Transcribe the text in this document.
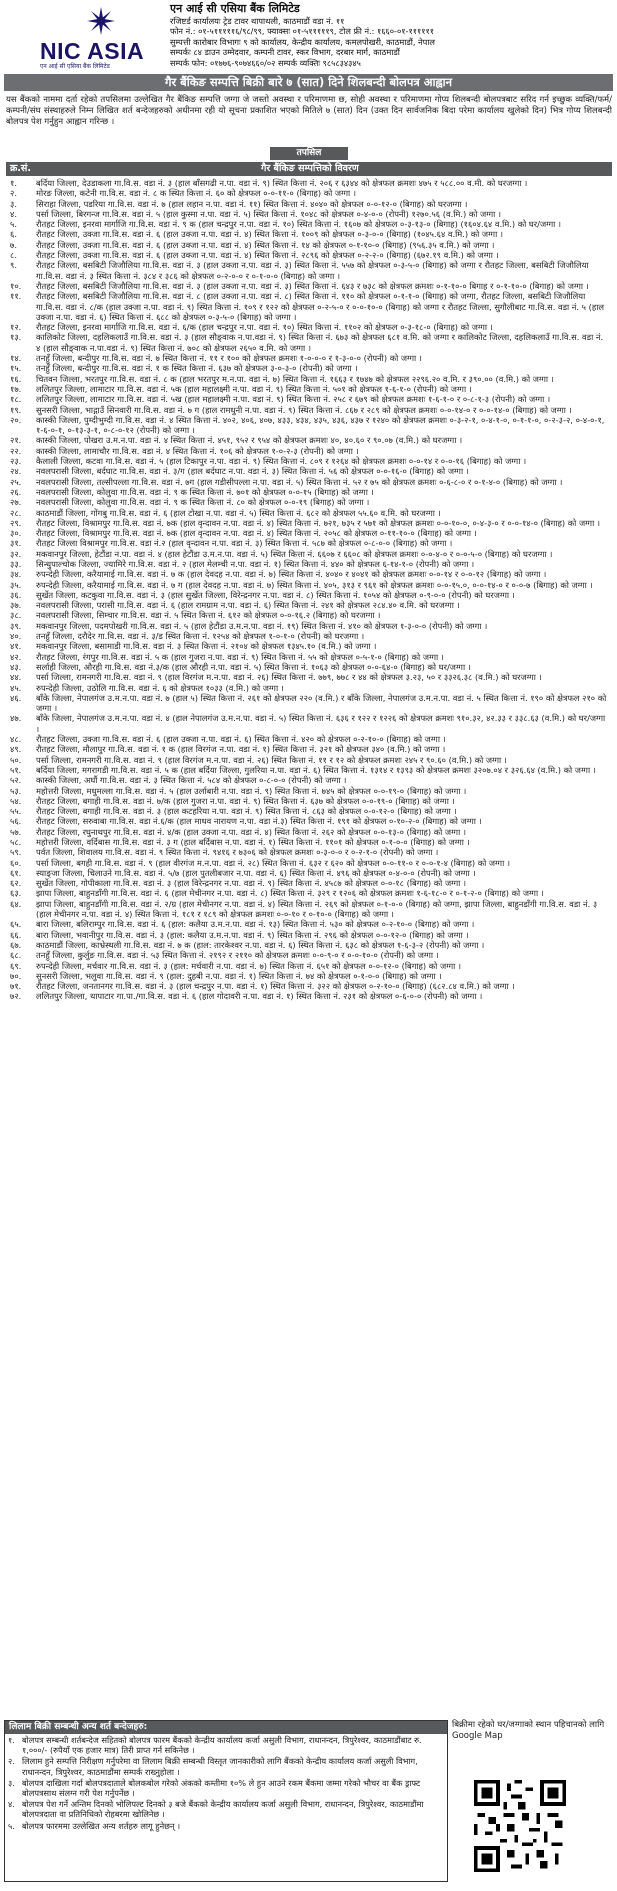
NIC ASIA
एन आई सी एसिया बैंक लिमिटेड
एन आई सी एसिया बैंक लिमिटेड
रजिष्टर्ड कार्यालयः ट्रेड टावर थापाथली, काठमाडौं वडा नं. ११
फोन नं.: ०१-५१११११६/९८/९९, फ्याक्सः ०१-५१११११९, टोल फ्री नं.: १६६०-०१-११११११
सुम्पत्ती कारोबार विभागः ९ को कार्यालय, केन्द्रीय कार्यालय, कमलपोखरी, काठमाडौं, नेपाल
सम्पर्कः ८४ डाउन उम्मेदवार, कम्पनी टावर, स्कर विभाग, दरबार मार्ग, काठमाडौं
सम्पर्क फोन: ०१७७६-९०७४६६०/०२ सम्पर्क व्यक्तिः ९८५८३४३४५
गैर बैंकिङ सम्पत्ति बिक्री बारे ७ (सात) दिने शिलबन्दी बोलपत्र आह्वान
यस बैंकको नाममा दर्ता रहेको तपसिलमा उल्लेखित गैर बैंकिङ सम्पत्ति जग्गा जे जस्तो अवस्था र परिमाणमा छ, सोही अवस्था र परिमाणमा गोप्य शिलबन्दी बोलपत्रबाट सरिद गर्न इच्छुक व्यक्ति/फर्म/कम्पनी/संघ संस्थाहरुले निम्न लिखित शर्त बन्देजहरुको अधीनमा रही यो सूचना प्रकाशित भएको मितिले ७ (सात) दिन (उक्त दिन सार्वजनिक बिदा परेमा कार्यालय खुलेको दिन) भित्र गोप्य शिलबन्दी बोलपत्र पेश गर्नुहुन आह्वान गरिन्छ ।
तपसिल
क्र.सं.	गैर बैंकिङ सम्पत्तिको विवरण
१.	बर्दिया जिल्ला, देउडाकला गा.वि.स. वडा नं. ३ (हाल बाँसगढी न.पा. वडा नं. ९) स्थित कित्ता नं. २०६ र ६३४४ को क्षेत्रफल क्रमशः ४७५ र ५८८.०० व.मी. को घरजग्गा ।
२.	मोरङ जिल्ला, कटेनी गा.वि.स. वडा नं. ८ क स्थित कित्ता नं. ६० को क्षेत्रफल ०-०-११-० (बिगाह) को जग्गा ।
३.	सिराहा जिल्ला, पडरिया गा.वि.स. वडा नं. ७ (हाल लहान न.पा. वडा नं. ११) स्थित कित्ता नं. ४०४० को क्षेत्रफल ०-०-१२-० (बिगाह) को घरजग्गा ।
४.	पर्सा जिल्ला, बिरगन्ज गा.वि.स. वडा नं. ५ (हाल कुस्मा न.पा. वडा नं. ५) स्थित कित्ता नं. १०४८ को क्षेत्रफल ०-४-०-० (रोपनी) १२७०.५६ (व.मि.) को जग्गा ।
५.	रौतहट जिल्ला, इनरवा मार्गाजि गा.वि.स. वडा नं. ९ क (हाल चन्द्रपुर न.पा. वडा नं. १०) स्थित कित्ता नं. १६०७ को क्षेत्रफल ०-३-१३-० (बिगाह) (१६०४.६४ व.मि.) को घर/जग्गा ।
६.	रौतहट जिल्ला, उक्जा गा.वि.स. वडा नं. ६ (हाल उक्जा न.पा. वडा नं. ४) स्थित कित्ता नं. १००९ को क्षेत्रफल ०-३-०-० (बिगाह) (१०४५.६४ व.मि.) को जग्गा ।
७.	रौतहट जिल्ला, उक्जा गा.वि.स. वडा नं. ६ (हाल उक्जा न.पा. वडा नं. ४) स्थित कित्ता नं. १४ को क्षेत्रफल ०-१-१०-० (बिगाह) (९५६.३५ व.मि.) को जग्गा ।
८.	रौतहट जिल्ला, उक्जा गा.वि.स. वडा नं. ६ (हाल उक्जा न.पा. वडा नं. ४) स्थित कित्ता नं. २८९६ को क्षेत्रफल ०-२-२-० (बिगाह) (६७२.१९ व.मि.) को जग्गा ।
९.	रौतहट जिल्ला, बसबिटी जिजौलिया गा.वि.स. वडा नं. ३ (हाल उक्जा न.पा. वडा नं. ३) स्थित कित्ता नं. ५५७ को क्षेत्रफल ०-३-५-० (बिगाह) को जग्गा र रौतहट जिल्ला, बसबिटी जिजौलिया गा.वि.स. वडा नं. ३ स्थित कित्ता नं. ३८४ र ३८६ को क्षेत्रफल ०-२-०-० र ०-१-०-० (बिगाह) को जग्गा ।
१०.	रौतहट जिल्ला, बसबिटी जिजौलिया गा.वि.स. वडा नं. ३ (हाल उक्जा न.पा. वडा नं. ३) स्थित कित्ता नं. ६४३ र ७३८ को क्षेत्रफल क्रमशः ०-१-१०-० बिगाह र ०-१-१०-० (बिगाह) को जग्गा ।
११.	रौतहट जिल्ला, बसबिटी जिजौलिया गा.वि.स. वडा नं. ८ (हाल उक्जा न.पा. वडा नं. ८) स्थित कित्ता नं. ११० को क्षेत्रफल ०-१-१-० (बिगाह) को जग्गा, रौतहट जिल्ला, बसबिटी जिजौलिया गा.वि.स. वडा नं. ८/क (हाल उक्जा न.पा. वडा नं. ९) स्थित कित्ता नं. १०९ र १२२ को क्षेत्रफल ०-२-५-० र ०-०-१०-० (बिगाह) को जग्गा र रौतहट जिल्ला, सुगौलीबाट गा.वि.स. वडा नं. ५ (हाल उक्जा न.पा. वडा नं. ६) स्थित कित्ता नं. ६८८ को क्षेत्रफल ०-३-५-० (बिगाह) को जग्गा ।
१२.	रौतहट जिल्ला, इनरवा मार्गाजि गा.वि.स. वडा नं. ६/क (हाल चन्द्रपुर न.पा. वडा नं. १०) स्थित कित्ता नं. ११०२ को क्षेत्रफल ०-३-१८-० (बिगाह) को जग्गा ।
१३.	कालिकोट जिल्ला, दहलिकलाउँ गा.वि.स. वडा नं. ३ (हाल सौङ्वाक न.पा.वडा नं. ९) स्थित कित्ता नं. ६७३ को क्षेत्रफल ६८१ व.मि. को जग्गा र कालिकोट जिल्ला, दहलिकलाउँ गा.वि.स. वडा नं. ४ (हाल सौङ्वाक न.पा.वडा नं. ९) स्थित कित्ता नं. ७०८ को क्षेत्रफल २६५० व.मि. को जग्गा ।
१४.	तनहुँ जिल्ला, बन्दीपुर गा.वि.स. वडा नं. ७ स्थित कित्ता नं. ११ र १०० को क्षेत्रफल क्रमशः १-०-०-० र १-३-०-० (रोपनी) को जग्गा ।
१५.	तनहुँ जिल्ला, बन्दीपुर गा.वि.स. वडा नं. १ क स्थित कित्ता नं. ६३७ को क्षेत्रफल ३-०-३-० (रोपनी) को जग्गा ।
१६.	चितवन जिल्ला, भरतपुर गा.वि.स. वडा नं. ८ क (हाल भरतपुर म.न.पा. वडा नं. ७) स्थित कित्ता नं. १६६३ र १७४७ को क्षेत्रफल २२९६.२० व.मि. र ३९०.०० (व.मि.) को जग्गा ।
१७.	ललितपुर जिल्ला, लामाटार गा.वि.स. वडा नं. ५क (हाल महालक्ष्मी न.पा. वडा नं. ९) स्थित कित्ता नं. ५०१ को क्षेत्रफल १-६-१-० (रोपनी) को जग्गा ।
१८.	ललितपुर जिल्ला, लामाटार गा.वि.स. वडा नं. ५ख (हाल महालक्ष्मी न.पा. वडा नं. ९) स्थित कित्ता नं. २५८ र ६७९ को क्षेत्रफल क्रमशः १-६-१-० र ०-८-१-३ (रोपनी) को जग्गा ।
१९.	सुनसरी जिल्ला, भाद्गाउँ सिनवारी गा.वि.स. वडा नं. ७ ग (हाल रामधुनी न.पा. वडा नं. ९) स्थित कित्ता नं. ८६७ र २८९ को क्षेत्रफल क्रमशः ०-०-१४-० र ०-०-१४-० (बिगाह) को जग्गा ।
२०.	कास्की जिल्ला, पुम्दीभुम्दी गा.वि.स. वडा नं. ४ स्थित कित्ता नं. ४०२, ४०६, ४०७, ४३३, ४३४, ४३५, ४३६, ४३७ र १२४० को क्षेत्रफल क्रमशः ०-३-२-१, ०-४-१-०, ०-१-१-०, ०-२-३-२, ०-४-०-१, १-६-०-१, ०-१३-३-१, ०-८-०-१२ (रोपनी) को जग्गा ।
२१.	कास्की जिल्ला, पोखरा उ.म.न.पा. वडा नं. ४ स्थित कित्ता नं. ४५१, ९५२ र ९५४ को क्षेत्रफल क्रमशः ४०, ४०.६० र ९०.०७ (व.मि.) को घरजग्गा ।
२२.	कास्की जिल्ला, लामाचौर गा.वि.स. वडा नं. ४ स्थित कित्ता नं. १०६ को क्षेत्रफल १-०-२-३ (रोपनी) को जग्गा ।
२३.	कैलाली जिल्ला, कटवा गा.वि.स. वडा नं. ५ (हाल टिकापुर न.पा. वडा नं. ९) स्थित कित्ता नं. ८०९ र १२६४ को क्षेत्रफल क्रमशः ०-०-१४ र ०-०-१६ (बिगाह) को जग्गा ।
२४.	नवलपरासी जिल्ला, बर्दघाट गा.वि.स. वडा नं. ३/ग (हाल बर्दघाट न.पा. वडा नं. ३) स्थित कित्ता नं. ५६ को क्षेत्रफल ०-०-१६-० (बिगाह) को जग्गा ।
२५.	नवलपरासी जिल्ला, तल्सीपल्ला गा.वि.स. वडा नं. ७ग (हाल गडीसीपल्ला न.पा. वडा नं. ५) स्थित कित्ता नं. ५२ र ७५ को क्षेत्रफल क्रमशः ०-६-८-० र ०-१-४-० (बिगाह) को जग्गा ।
२६.	नवलपरासी जिल्ला, कोलुवा गा.वि.स. वडा नं. ९ क स्थित कित्ता नं. ७०१ को क्षेत्रफल ०-०-१५ (बिगाह) को जग्गा ।
२७.	नवलपरासी जिल्ला, कोलुवा गा.वि.स. वडा नं. ९ क स्थित कित्ता नं. ८० को क्षेत्रफल ०-०-१९ (बिगाह) को जग्गा ।
२८.	काठमाडौं जिल्ला, गोंगबु गा.वि.स. वडा नं. ६ (हाल टोखा न.पा. वडा नं. ५) स्थित कित्ता नं. ६८२ को क्षेत्रफल ५५.६० व.मि. को घरजग्गा ।
२९.	रौतहट जिल्ला, विश्रामपुर गा.वि.स. वडा नं. ७क (हाल वृन्दावन न.पा. वडा नं. ४) स्थित कित्ता नं. ७२१, ७३५ र ५७१ को क्षेत्रफल क्रमशः ०-०-१०-०, ०-४-३-० र ०-०-१४-० (बिगाह) को जग्गा ।
३०.	रौतहट जिल्ला, विश्रामपुर गा.वि.स. वडा नं. ७क (हाल वृन्दावन न.पा. वडा नं. ४) स्थित कित्ता नं. २०५८ को क्षेत्रफल ०-११-१०-० (बिगाह) को जग्गा ।
३१.	रौतहट जिल्ला विश्रामपुर गा.वि.स. वडा नं.२ (हाल वृन्दावन न.पा. वडा नं. ३) स्थित कित्ता नं. ५८७ को क्षेत्रफल ०-८-०-० (बिगाह) को जग्गा ।
३२.	मकवानपुर जिल्ला, हेटौंडा न.पा. वडा नं. ४ (हाल हेटौंडा उ.म.न.पा. वडा नं. ५) स्थित कित्ता नं. ६६०७ र ६६०८ को क्षेत्रफल क्रमशः ०-०-४-० र ०-०-५-० (बिगाह) को घरजग्गा ।
३३.	सिन्धुपाल्चोक जिल्ला, ज्यामिरे गा.वि.स. वडा नं. २ (हाल मेलम्ची न.पा. वडा नं. १) स्थित कित्ता नं. ४४० को क्षेत्रफल ६-१४-१-० (रोपनी) को जग्गा ।
३४.	रुपन्देही जिल्ला, करैयामाई गा.वि.स. वडा नं. ७ क (हाल देवदह न.पा. वडा नं. ७) स्थित कित्ता नं. ४०४० र ४०४१ को क्षेत्रफल क्रमशः ०-०-१४ र ०-०-१२ (बिगाह) को जग्गा ।
३५.	रुपन्देही जिल्ला, करैयामाई गा.वि.स. वडा नं. ७ ग (हाल देवदह न.पा. वडा नं. ७) स्थित कित्ता नं. ४०५, ३१३ र ९६१ को क्षेत्रफल क्रमशः ०-०-१५.०, ०-०-१४-० र ०-०-७ (बिगाह) को जग्गा ।
३६.	सुर्खेत जिल्ला, कटकुवा गा.वि.स. वडा नं. ३ (हाल सुर्खेत जिल्ला, विरेन्द्रनगर न.पा. वडा नं. ८) स्थित कित्ता नं. १०५४ को क्षेत्रफल ०-९-०-० (रोपनी) को घरजग्गा ।
३७.	नवलपरासी जिल्ला, परासी गा.वि.स. वडा नं. ६ (हाल रामग्राम न.पा. वडा नं. ६) स्थित कित्ता नं. २४१ को क्षेत्रफल २८४.४० व.मि. को घरजग्गा ।
३८.	नवलपरासी जिल्ला, सिम्चार गा.वि.स. वडा नं. ५ स्थित कित्ता नं. ६१२ को क्षेत्रफल ०-०-१६.२ (बिगाह) को घरजग्गा ।
३९.	मकवानपुर जिल्ला, पदमपोखरी गा.वि.स. वडा नं. ५ (हाल हेटौंडा उ.म.न.पा. वडा नं. १९) स्थित कित्ता नं. ४१० को क्षेत्रफल १-३-०-० (रोपनी) को जग्गा ।
४०.	तनहुँ जिल्ला, दरौदेर गा.वि.स. वडा नं. ३/ड स्थित कित्ता नं. १२५४ को क्षेत्रफल १-०-१-० (रोपनी) को घरजग्गा ।
४१.	मकवानपुर जिल्ला, बसामाडी गा.वि.स. वडा नं. ३ स्थित कित्ता नं. २१०४ को क्षेत्रफल १३४५.१० (व.मि.) को जग्गा ।
४२.	रौतहट जिल्ला, रंगपुर गा.वि.स. वडा नं. ५ क (हाल गुजरा न.पा. वडा नं. ९) स्थित कित्ता नं. ५५ को क्षेत्रफल ०-५-१-० (बिगाह) को जग्गा ।
४३.	सर्लाही जिल्ला, औरही गा.वि.स. वडा नं.३/क (हाल औरही न.पा. वडा नं. ५) स्थित कित्ता नं. १०६३ को क्षेत्रफल ०-०-६४-० (बिगाह) को घर/जग्गा ।
४४.	पर्सा जिल्ला, रामनगरी गा.वि.स. वडा नं. ९ (हाल विरगंज म.न.पा. वडा नं. २६) स्थित कित्ता नं. ७७९, ७७८ र ४४ को क्षेत्रफल ३.२३, ५० र ३३२६.३८ (व.मि.) को घरजग्गा ।
४५.	रुपन्देही जिल्ला, उठोलि गा.वि.स. वडा नं. ६ को क्षेत्रफल १०३३ (व.मि.) को जग्गा ।
४६.	बाँके जिल्ला, नेपालगंज उ.म.न.पा. वडा नं. ७ (हाल ५) स्थित कित्ता नं. २६१ को क्षेत्रफल २२० (व.मि.) र बाँके जिल्ला, नेपालगंज उ.म.न.पा. वडा नं. ५ स्थित कित्ता नं. १९० को क्षेत्रफल २१० को जग्गा ।
४७.	बाँके जिल्ला, नेपालगंज उ.म.न.पा. वडा नं. ४ (हाल नेपालगंज उ.म.न.पा. वडा नं. ५) स्थित कित्ता नं. ६३६ र १२२ र १२२६ को क्षेत्रफल क्रमशः ९१०.३२, ४२.३३ र ३३८.६३ (व.मि.) को घर/जग्गा ।
४८.	रौतहट जिल्ला, उक्जा गा.वि.स. वडा नं. ६ (हाल उक्जा न.पा. वडा नं. ६) स्थित कित्ता नं. ४२० को क्षेत्रफल ०-२-१०-० (बिगाह) को जग्गा ।
४९.	रौतहट जिल्ला, मौलापुर गा.वि.स. वडा नं. १ क (हाल विरगंज न.पा. वडा नं. १) स्थित कित्ता नं. ३२१ को क्षेत्रफल ३४० (व.मि.) को जग्गा ।
५०.	पर्सा जिल्ला, रामनगरी गा.वि.स. वडा नं. ९ (हाल विरगंज म.न.पा. वडा नं. २६) स्थित कित्ता नं. ११ र १२ को क्षेत्रफल क्रमशः २४५ र ९०.६० (व.मि.) को जग्गा ।
५१.	बर्दिया जिल्ला, मगरागडी गा.वि.स. वडा नं. ५ क (हाल बर्दिया जिल्ला, गुलरिया न.पा. वडा नं. ६) स्थित कित्ता नं. १३१४ र १३९३ को क्षेत्रफल क्रमशः ३२०७.०४ र ३२६.६४ (व.मि.) को जग्गा ।
५२.	कास्की जिल्ला, अर्घौ गा.वि.स. वडा नं. ३ स्थित कित्ता नं. ५८४ को क्षेत्रफल ०-८-०-० (रोपनी) को जग्गा ।
५३.	महोत्तरी जिल्ला, मधुमल्ला गा.वि.स. वडा नं. ५ (हाल उर्लाबारी न.पा. वडा नं. ९) स्थित कित्ता नं. ७४५ को क्षेत्रफल ०-०-१९-० (बिगाह) को जग्गा ।
५४.	रौतहट जिल्ला, बगाही गा.वि.स. वडा नं. ७/क (हाल गुजरा न.पा. वडा नं. ९) स्थित कित्ता नं. ६३७ को क्षेत्रफल ०-०-१९-० (बिगाह) को जग्गा ।
५५.	रौतहट जिल्ला, बगाही गा.वि.स. वडा नं. ३ (हाल कटहरिया न.पा. वडा नं. ९) स्थित कित्ता नं. ८६३ को क्षेत्रफल ०-०-१२-० (बिगाह) को जग्गा ।
५६.	रौतहट जिल्ला, सरुवाबा गा.वि.स. वडा नं.६/क (हाल माधव नारायण न.पा. वडा नं.३) स्थित कित्ता नं. १९१ को क्षेत्रफल ०-१०-२-० (बिगाह) को जग्गा ।
५७.	रौतहट जिल्ला, रघुनाथपुर गा.वि.स. वडा नं. ४/क (हाल उक्जा न.पा. वडा नं. ४) स्थित कित्ता नं. २६२ को क्षेत्रफल ०-०-१३-० (बिगाह) को जग्गा ।
५८.	महोत्तरी जिल्ला, वर्दिबास गा.वि.स. वडा नं. ३ ग (हाल बर्दिबास न.पा. वडा नं. १) स्थित कित्ता नं. ११०१ को क्षेत्रफल ०-१-०-० (बिगाह) को जग्गा ।
५९.	पर्वत जिल्ला, शिवालय गा.वि.स. वडा नं. ९ स्थित कित्ता नं. ९४१६ र ७३०६ को क्षेत्रफल क्रमशः ०-३-०-० र ०-२-१-० (रोपनी) को जग्गा ।
६०.	पर्सा जिल्ला, बगही गा.वि.स. वडा नं. ९ (हाल वीरगंज म.न.पा. वडा नं. २८) स्थित कित्ता नं. ६३२ र ६२० को क्षेत्रफल ०-०-११-० र ०-०-१-४ (बिगाह) को जग्गा ।
६१.	स्याङ्जा जिल्ला, चिलाउने गा.वि.स. वडा नं. ५/७ (हाल पुतलीबजार न.पा. वडा नं. ६) स्थित कित्ता नं. ४९६ को क्षेत्रफल ०-४-०-० (रोपनी) को जग्गा ।
६२.	सुर्खेत जिल्ला, गोपीकाला गा.वि.स. वडा नं. ३ (हाल विरेन्द्रनगर न.पा. वडा नं. ९) स्थित कित्ता नं. ४५८७ को क्षेत्रफल ०-०-१८ (बिगाह) को जग्गा ।
६३.	झापा जिल्ला, बाहुनडाँगी गा.वि.स. वडा नं. ६ (हाल मेचीनगर न.पा. वडा नं. ८) स्थित कित्ता नं. ३२९ र १२०६ को क्षेत्रफल क्रमशः १-६-१८-० र ०-१-२-० (बिगाह) को जग्गा ।
६४.	झापा जिल्ला, बाहुनडाँगी गा.वि.स. वडा नं. २/ग्र (हाल मेचीनगर न.पा. वडा नं. ४) स्थित कित्ता नं. २६९ को क्षेत्रफल ०-१-०-० (बिगाह) को जग्गा, झापा जिल्ला, बाहुनडाँगी गा.वि.स. वडा नं. ३ (हाल मेचीनगर न.पा. वडा नं. ४) स्थित कित्ता नं. १८१ र १८९ को क्षेत्रफल क्रमशः ०-०-१० र ०-१०-० (बिगाह) को जग्गा ।
६५.	बारा जिल्ला, बलिराम्पुर गा.वि.स. वडा नं. ६ (हाल: कलैया उ.म.न.पा. वडा नं. १३) स्थित कित्ता नं. ५३० को क्षेत्रफल ०-२-१०-० (बिगाह) को जग्गा ।
६६.	बारा जिल्ला, भवानीपुर गा.वि.स. वडा नं. ३ (हाल: कलैया उ.म.न.पा. वडा नं. ९) स्थित कित्ता नं. २९६ को क्षेत्रफल ०-०-१२-० (बिगाह) को जग्गा ।
६७.	काठमाडौं जिल्ला, काभ्रेस्थली गा.वि.स. वडा नं. ७ क (हाल: तारकेश्वर न.पा. वडा नं. ६) स्थित कित्ता नं. ६३८ को क्षेत्रफल १-६-३-२ (रोपनी) को जग्गा ।
६८.	तनहुँ जिल्ला, कुर्लुङ गा.वि.स. वडा नं. ५३ स्थित कित्ता नं. २१९२ र २११० को क्षेत्रफल क्रमशः ०-०-९-० र ०-०-१०-० (रोपनी) को जग्गा ।
६९.	रुपन्देही जिल्ला, मर्चवार गा.वि.स. वडा नं. ३ (हाल: मर्चवारी न.पा. वडा नं. ७) स्थित कित्ता नं. ६५१ को क्षेत्रफल ०-०-१२-० (बिगाह) को जग्गा ।
७०.	सुनसरी जिल्ला, भलुवा गा.वि.स. वडा नं. ९ (हाल: दुहबी न.पा. वडा नं. १) स्थित कित्ता नं. ७४ को क्षेत्रफल ०-१-०-० (बिगाह) को जग्गा ।
७१.	रौतहट जिल्ला, जनतानगर गा.वि.स. वडा नं. ३ (हाल चन्द्रपुर न.पा. वडा नं. १) स्थित कित्ता नं. ३२२ को क्षेत्रफल ०-२-१०-० (बिगाह) (६८२.८४ व.मि.) को जग्गा ।
७२.	ललितपुर जिल्ला, थापाटार गा.पा./गा.वि.स. वडा नं. ६ (हाल गोदावरी न.पा. वडा नं. १) स्थित कित्ता नं. २३१ को क्षेत्रफल ०-६-०-० (रोपनी) को जग्गा ।
लिलाम बिक्री सम्बन्धी अन्य शर्त बन्देजहरु:
१. बोलपत्र सम्बन्धी शर्तबन्देज सहितको बोलपत्र फारम बैंकको केन्द्रीय कार्यालय कर्जा असुली विभाग, राधानन्दन, त्रिपुरेश्वर, काठमाडौंबाट रु. १,०००/- (रुपैयाँ एक हजार मात्र) तिरी प्राप्त गर्न सकिनेछ ।
२. लिलाम हुने सम्पत्ति निरीक्षण गर्नुपरेमा वा लिलाम बिक्री सम्बन्धी विस्तृत जानकारीको लागि बैंकको केन्द्रीय कार्यालय कर्जा असुली विभाग, राधानन्दन, त्रिपुरेश्वर, काठमाडौंमा सम्पर्क राख्नुहोला ।
३. बोलपत्र दाखिला गर्दा बोलपत्रदाताले बोलकबोल गरेको अंकको कम्तीमा १०% ले हुन आउने रकम बैंकमा जम्मा गरेको भौचर वा बैंक ड्राफ्ट बोलपत्रसाथ संलग्न गरी पेश गर्नुपर्नेछ ।
४. बोलपत्र पेश गर्ने अन्तिम दिनको भोलिपल्ट दिनको ३ बजे बैंकको केन्द्रीय कार्यालय कर्जा असुली विभाग, राधानन्दन, त्रिपुरेश्वर, काठमाडौंमा बोलपत्रदाता वा प्रतिनिधिको रोहबरमा खोलिनेछ ।
५. बोलपत्र फारममा उल्लेखित अन्य शर्तहरु लागू हुनेछन् ।
बिक्रीमा रहेको घर/जग्गाको स्थान पहिचानको लागि Google Map
